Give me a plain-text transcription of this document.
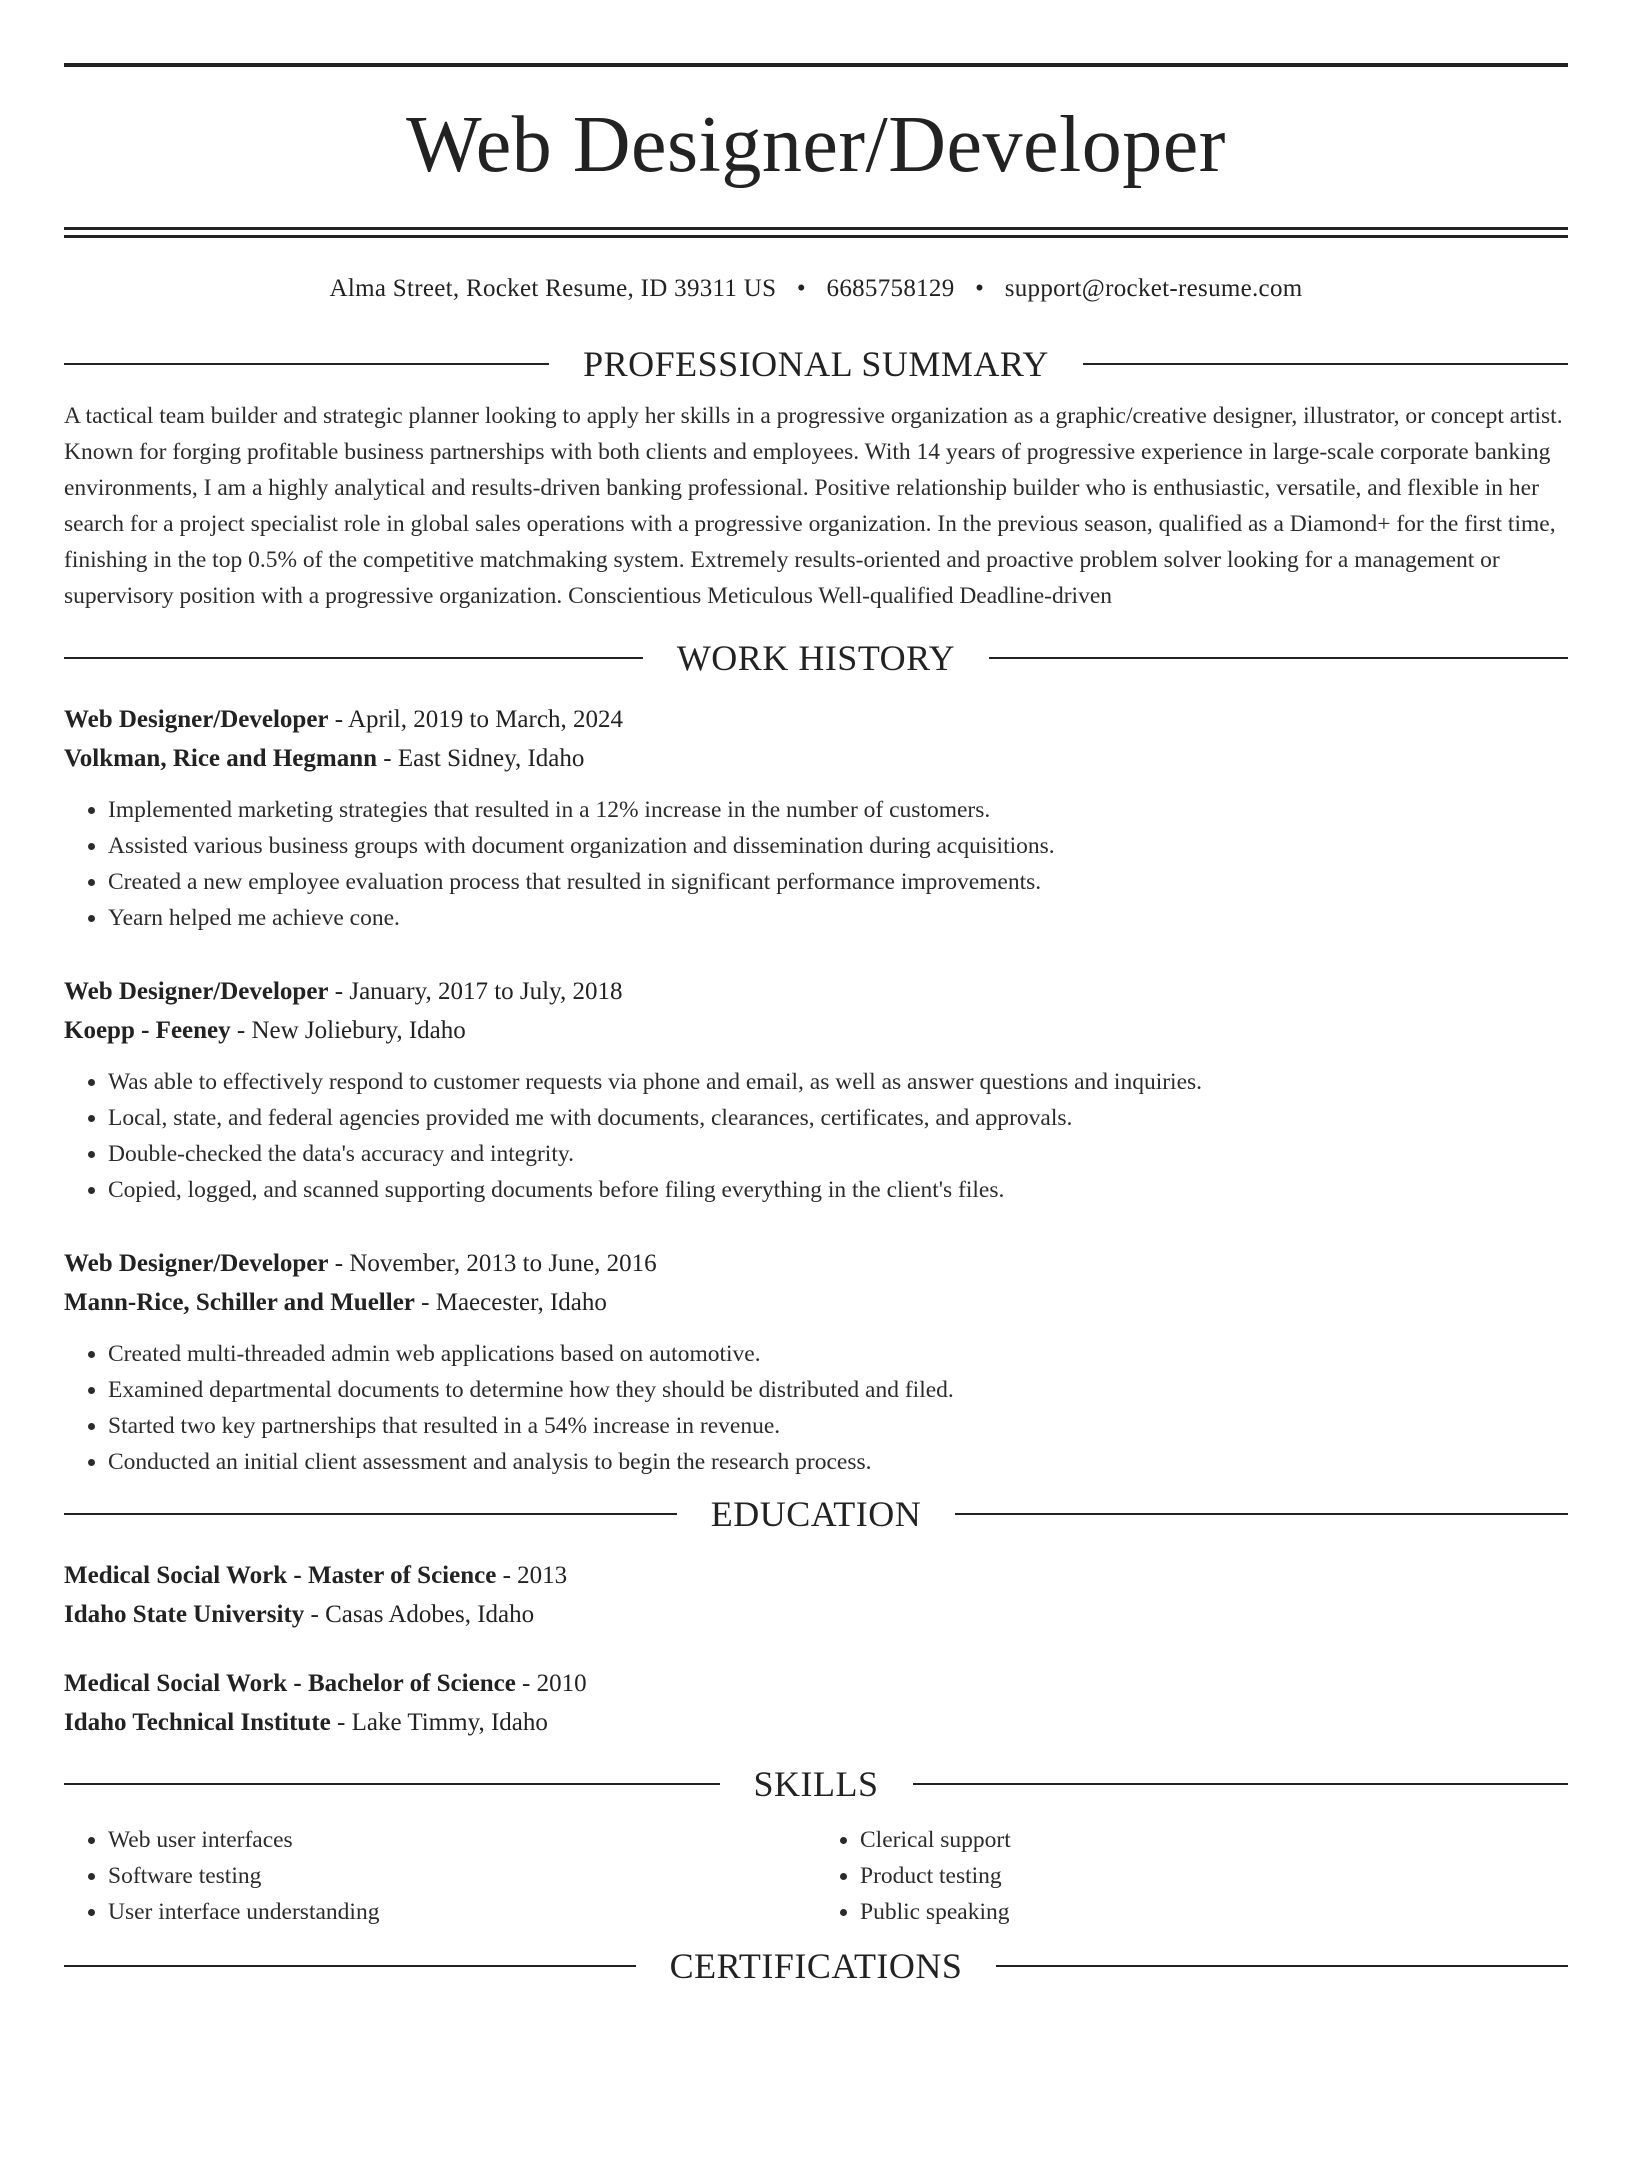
Web Designer/Developer
Alma Street, Rocket Resume, ID 39311 US • 6685758129 • support@rocket-resume.com
PROFESSIONAL SUMMARY

A tactical team builder and strategic planner looking to apply her skills in a progressive organization as a graphic/creative designer, illustrator, or concept artist. Known for forging profitable business partnerships with both clients and employees. With 14 years of progressive experience in large-scale corporate banking environments, I am a highly analytical and results-driven banking professional. Positive relationship builder who is enthusiastic, versatile, and flexible in her search for a project specialist role in global sales operations with a progressive organization. In the previous season, qualified as a Diamond+ for the first time, finishing in the top 0.5% of the competitive matchmaking system. Extremely results-oriented and proactive problem solver looking for a management or supervisory position with a progressive organization. Conscientious Meticulous Well-qualified Deadline-driven

WORK HISTORY
Web Designer/Developer - April, 2019 to March, 2024
Volkman, Rice and Hegmann - East Sidney, Idaho
• Implemented marketing strategies that resulted in a 12% increase in the number of customers.
• Assisted various business groups with document organization and dissemination during acquisitions.
• Created a new employee evaluation process that resulted in significant performance improvements.
• Yearn helped me achieve cone.
Web Designer/Developer - January, 2017 to July, 2018
Koepp - Feeney - New Joliebury, Idaho
• Was able to effectively respond to customer requests via phone and email, as well as answer questions and inquiries.
• Local, state, and federal agencies provided me with documents, clearances, certificates, and approvals.
• Double-checked the data's accuracy and integrity.
• Copied, logged, and scanned supporting documents before filing everything in the client's files.
Web Designer/Developer - November, 2013 to June, 2016
Mann-Rice, Schiller and Mueller - Maecester, Idaho
• Created multi-threaded admin web applications based on automotive.
• Examined departmental documents to determine how they should be distributed and filed.
• Started two key partnerships that resulted in a 54% increase in revenue.
• Conducted an initial client assessment and analysis to begin the research process.
EDUCATION
Medical Social Work - Master of Science - 2013
Idaho State University - Casas Adobes, Idaho
Medical Social Work - Bachelor of Science - 2010
Idaho Technical Institute - Lake Timmy, Idaho
SKILLS
• Web user interfaces
• Software testing
• User interface understanding
• Clerical support
• Product testing
• Public speaking
CERTIFICATIONS
